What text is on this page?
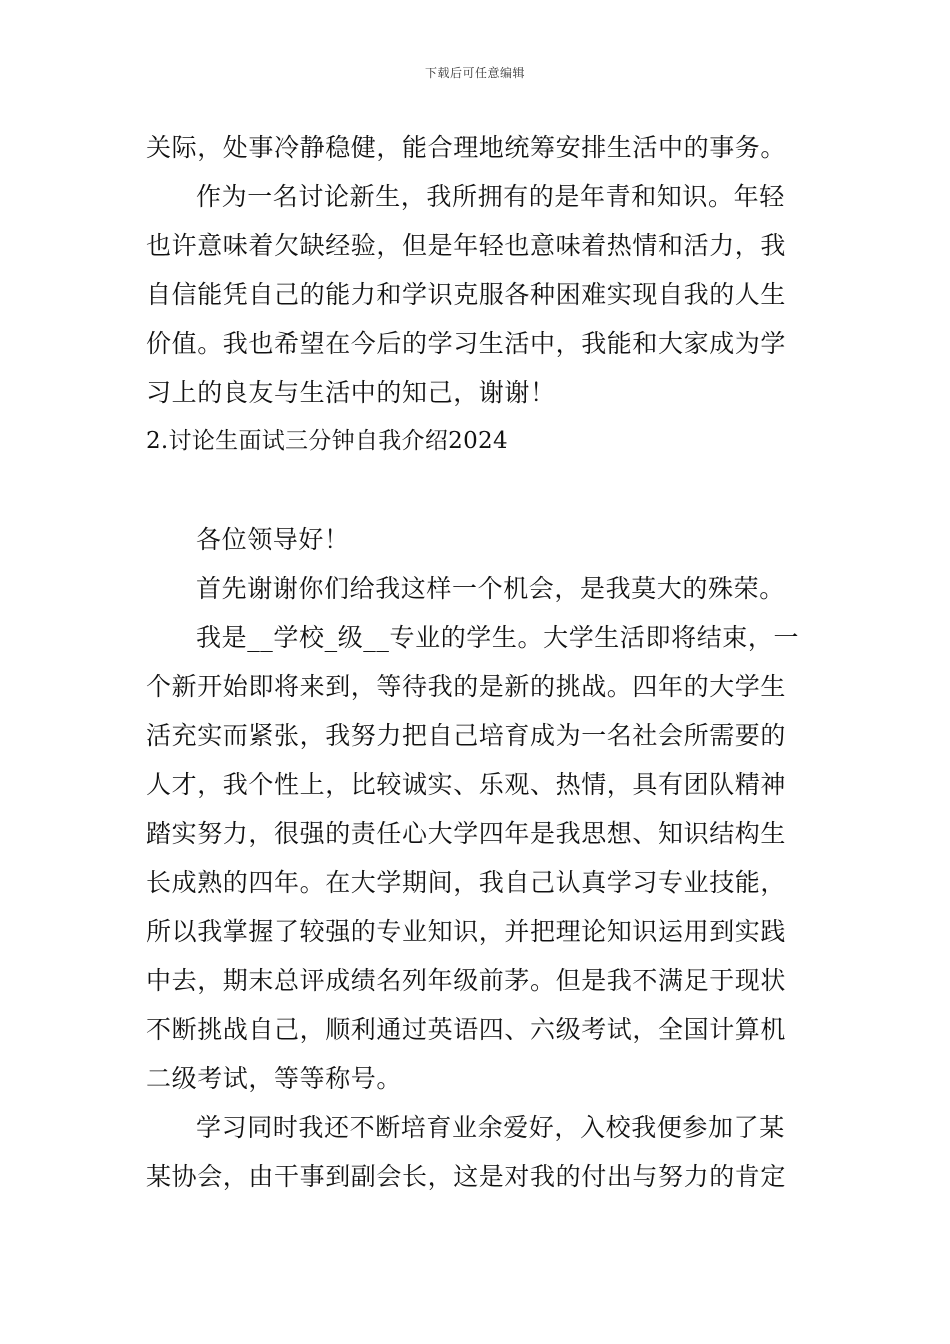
下载后可任意编辑
关际，处事冷静稳健，能合理地统筹安排生活中的事务。
作为一名讨论新生，我所拥有的是年青和知识。年轻
也许意味着欠缺经验，但是年轻也意味着热情和活力，我
自信能凭自己的能力和学识克服各种困难实现自我的人生
价值。我也希望在今后的学习生活中，我能和大家成为学
习上的良友与生活中的知己，谢谢！
2.讨论生面试三分钟自我介绍2024
各位领导好！
首先谢谢你们给我这样一个机会，是我莫大的殊荣。
我是__学校_级__专业的学生。大学生活即将结束，一
个新开始即将来到，等待我的是新的挑战。四年的大学生
活充实而紧张，我努力把自己培育成为一名社会所需要的
人才，我个性上，比较诚实、乐观、热情，具有团队精神
踏实努力，很强的责任心大学四年是我思想、知识结构生
长成熟的四年。在大学期间，我自己认真学习专业技能，
所以我掌握了较强的专业知识，并把理论知识运用到实践
中去，期末总评成绩名列年级前茅。但是我不满足于现状
不断挑战自己，顺利通过英语四、六级考试，全国计算机
二级考试，等等称号。
学习同时我还不断培育业余爱好，入校我便参加了某
某协会，由干事到副会长，这是对我的付出与努力的肯定
